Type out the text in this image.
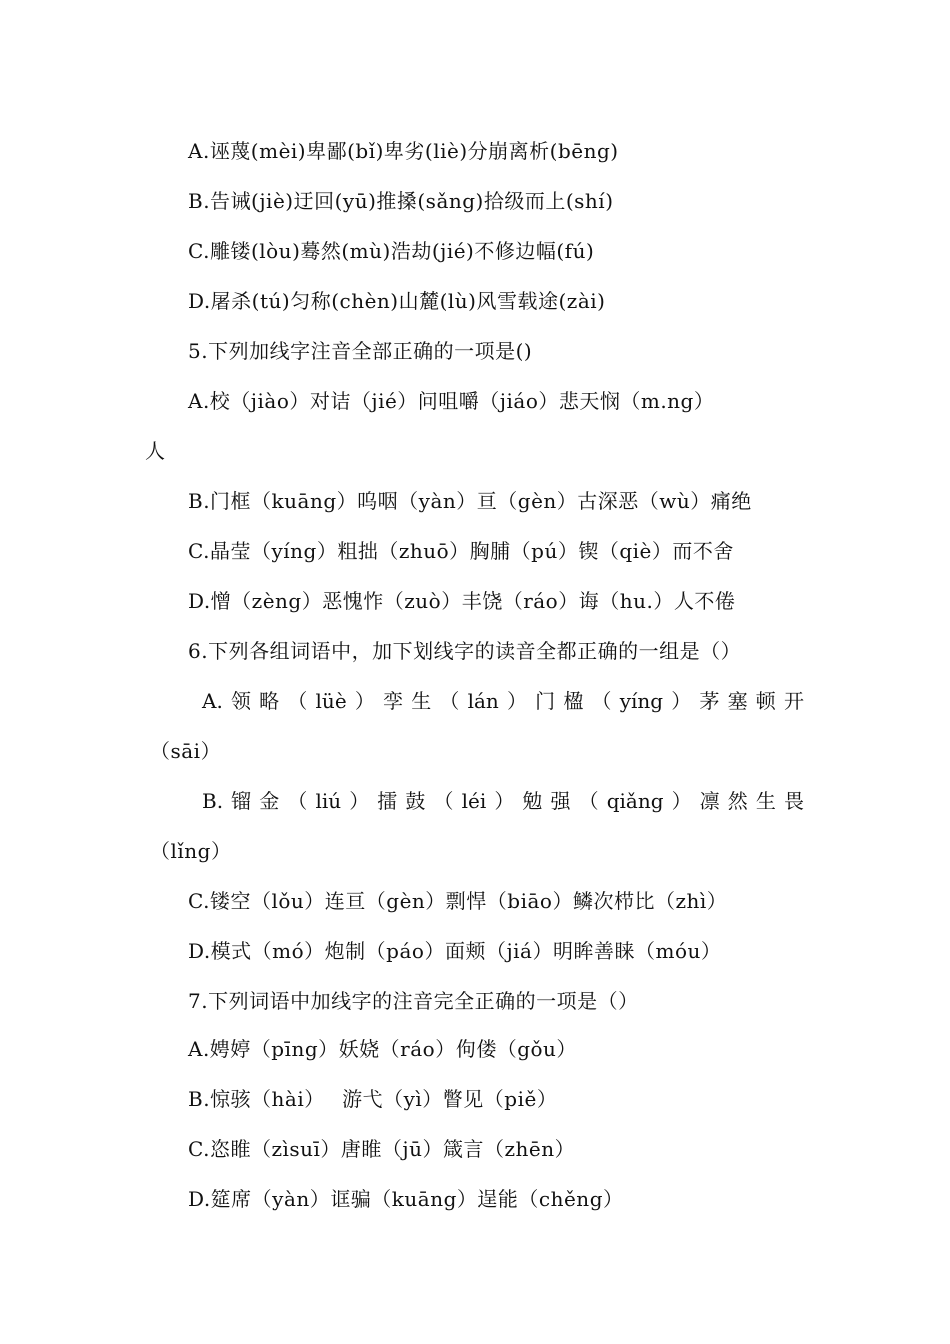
A.诬蔑(mèi)卑鄙(bǐ)卑劣(liè)分崩离析(bēng)
B.告诫(jiè)迂回(yū)推搡(sǎng)拾级而上(shí)
C.雕镂(lòu)蓦然(mù)浩劫(jié)不修边幅(fú)
D.屠杀(tú)匀称(chèn)山麓(lù)风雪载途(zài)
5.下列加线字注音全部正确的一项是()
A.校（jiào）对诘（jié）问咀嚼（jiáo）悲天悯（m.ng）
人
B.门框（kuāng）呜咽（yàn）亘（gèn）古深恶（wù）痛绝
C.晶莹（yíng）粗拙（zhuō）胸脯（pú）锲（qiè）而不舍
D.憎（zèng）恶愧怍（zuò）丰饶（ráo）诲（hu.）人不倦
6.下列各组词语中，加下划线字的读音全都正确的一组是（）
A.领略（lüè）孪生（lán）门楹（yíng）茅塞顿开
（sāi）
B.镏金（liú）擂鼓（léi）勉强（qiǎng）凛然生畏
（lǐng）
C.镂空（lǒu）连亘（gèn）剽悍（biāo）鳞次栉比（zhì）
D.模式（mó）炮制（páo）面颊（jiá）明眸善睐（móu）
7.下列词语中加线字的注音完全正确的一项是（）
A.娉婷（pīng）妖娆（ráo）佝偻（gǒu）
B.惊骇（hài）　 游弋（yì）瞥见（piě）
C.恣睢（zìsuī）唐睢（jū）箴言（zhēn）
D.筵席（yàn）诓骗（kuāng）逞能（chěng）
